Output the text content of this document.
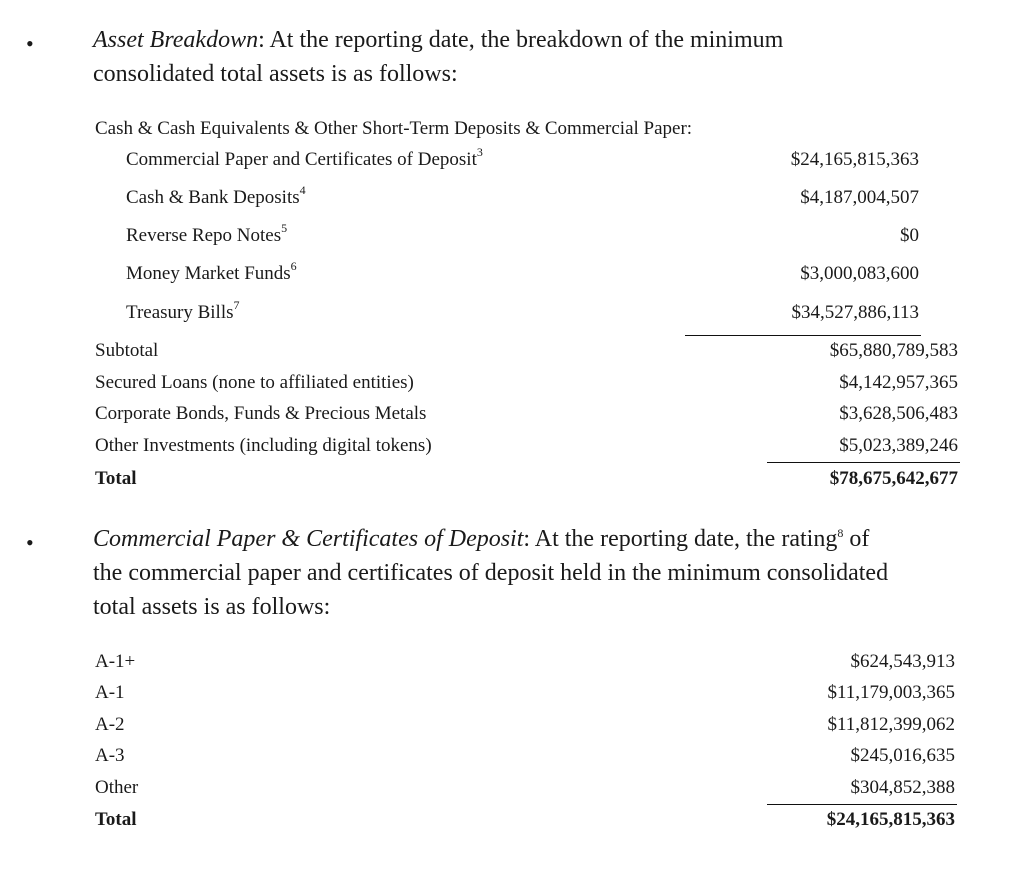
• Asset Breakdown: At the reporting date, the breakdown of the minimum
consolidated total assets is as follows:
Cash & Cash Equivalents & Other Short-Term Deposits & Commercial Paper:
Commercial Paper and Certificates of Deposit$^3$	$24,165,815,363
Cash & Bank Deposits$^4$	$4,187,004,507
Reverse Repo Notes$^5$	$0
Money Market Funds$^6$	$3,000,083,600
Treasury Bills$^7$	$34,527,886,113
Subtotal	$65,880,789,583
Secured Loans (none to affiliated entities)	$4,142,957,365
Corporate Bonds, Funds & Precious Metals	$3,628,506,483
Other Investments (including digital tokens)	$5,023,389,246
Total	$78,675,642,677
• Commercial Paper & Certificates of Deposit: At the reporting date, the rating$^8$ of
the commercial paper and certificates of deposit held in the minimum consolidated
total assets is as follows:
A-1+	$624,543,913
A-1	$11,179,003,365
A-2	$11,812,399,062
A-3	$245,016,635
Other	$304,852,388
Total	$24,165,815,363
